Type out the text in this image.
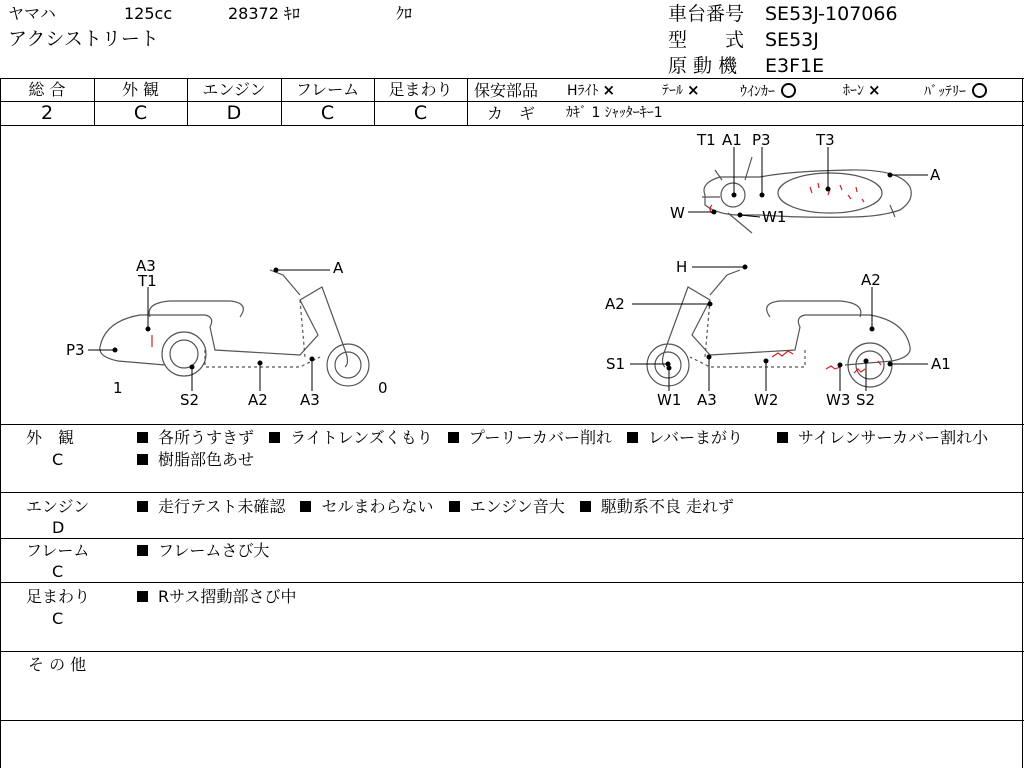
ヤマハ	125cc	28372 ｷﾛ	ｸﾛ
アクシストリート
車台番号 SE53J-107066
型　　式 SE53J
原 動 機 E3F1E
総 合
2
外 観
C
エンジン
D
フレーム
C
足まわり
C
保安部品 Hﾗｲﾄ ×	ﾃｰﾙ ×	ｳｲﾝｶｰ	ﾎｰﾝ ×	ﾊﾞｯﾃﾘｰ
カ　ギ ｶｷﾞ 1 ｼｬｯﾀｰｷｰ1
T1 A1 P3	T3
A
W	W1
A3
T1
A
P3
1	0
S2	A2 A3
H
A2
A2
S1	A1
W1 A3 W2	W3 S2
外　観
C
各所うすきず ライトレンズくもり プーリーカバー削れ レバーまがり	サイレンサーカバー割れ小
樹脂部色あせ
エンジン
D
走行テスト未確認 セルまわらない エンジン音大 駆動系不良 走れず
フレーム
C
フレームさび大
足まわり
C
Rサス摺動部さび中
そ の 他
